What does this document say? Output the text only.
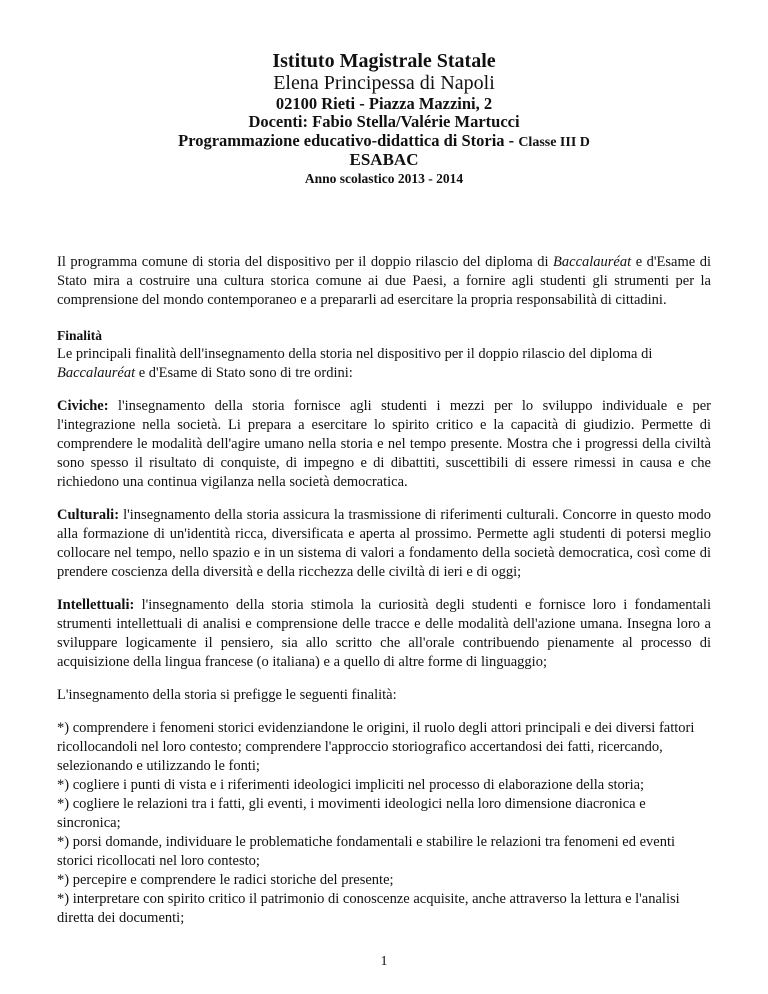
Istituto Magistrale Statale
Elena Principessa di Napoli
02100 Rieti - Piazza Mazzini, 2
Docenti: Fabio Stella/Valérie Martucci
Programmazione educativo-didattica di Storia - Classe III D
ESABAC
Anno scolastico 2013 - 2014

Il programma comune di storia del dispositivo per il doppio rilascio del diploma di Baccalauréat e d'Esame di Stato mira a costruire una cultura storica comune ai due Paesi, a fornire agli studenti gli strumenti per la comprensione del mondo contemporaneo e a prepararli ad esercitare la propria responsabilità di cittadini.

Finalità

Le principali finalità dell'insegnamento della storia nel dispositivo per il doppio rilascio del diploma di Baccalauréat e d'Esame di Stato sono di tre ordini:

Civiche: l'insegnamento della storia fornisce agli studenti i mezzi per lo sviluppo individuale e per l'integrazione nella società. Li prepara a esercitare lo spirito critico e la capacità di giudizio. Permette di comprendere le modalità dell'agire umano nella storia e nel tempo presente. Mostra che i progressi della civiltà sono spesso il risultato di conquiste, di impegno e di dibattiti, suscettibili di essere rimessi in causa e che richiedono una continua vigilanza nella società democratica.

Culturali: l'insegnamento della storia assicura la trasmissione di riferimenti culturali. Concorre in questo modo alla formazione di un'identità ricca, diversificata e aperta al prossimo. Permette agli studenti di potersi meglio collocare nel tempo, nello spazio e in un sistema di valori a fondamento della società democratica, così come di prendere coscienza della diversità e della ricchezza delle civiltà di ieri e di oggi;

Intellettuali: l'insegnamento della storia stimola la curiosità degli studenti e fornisce loro i fondamentali strumenti intellettuali di analisi e comprensione delle tracce e delle modalità dell'azione umana. Insegna loro a sviluppare logicamente il pensiero, sia allo scritto che all'orale contribuendo pienamente al processo di acquisizione della lingua francese (o italiana) e a quello di altre forme di linguaggio;

L'insegnamento della storia si prefigge le seguenti finalità:

*) comprendere i fenomeni storici evidenziandone le origini, il ruolo degli attori principali e dei diversi fattori ricollocandoli nel loro contesto; comprendere l'approccio storiografico accertandosi dei fatti, ricercando, selezionando e utilizzando le fonti;

*) cogliere i punti di vista e i riferimenti ideologici impliciti nel processo di elaborazione della storia;

*) cogliere le relazioni tra i fatti, gli eventi, i movimenti ideologici nella loro dimensione diacronica e sincronica;

*) porsi domande, individuare le problematiche fondamentali e stabilire le relazioni tra fenomeni ed eventi storici ricollocati nel loro contesto;

*) percepire e comprendere le radici storiche del presente;

*) interpretare con spirito critico il patrimonio di conoscenze acquisite, anche attraverso la lettura e l'analisi diretta dei documenti;

1
